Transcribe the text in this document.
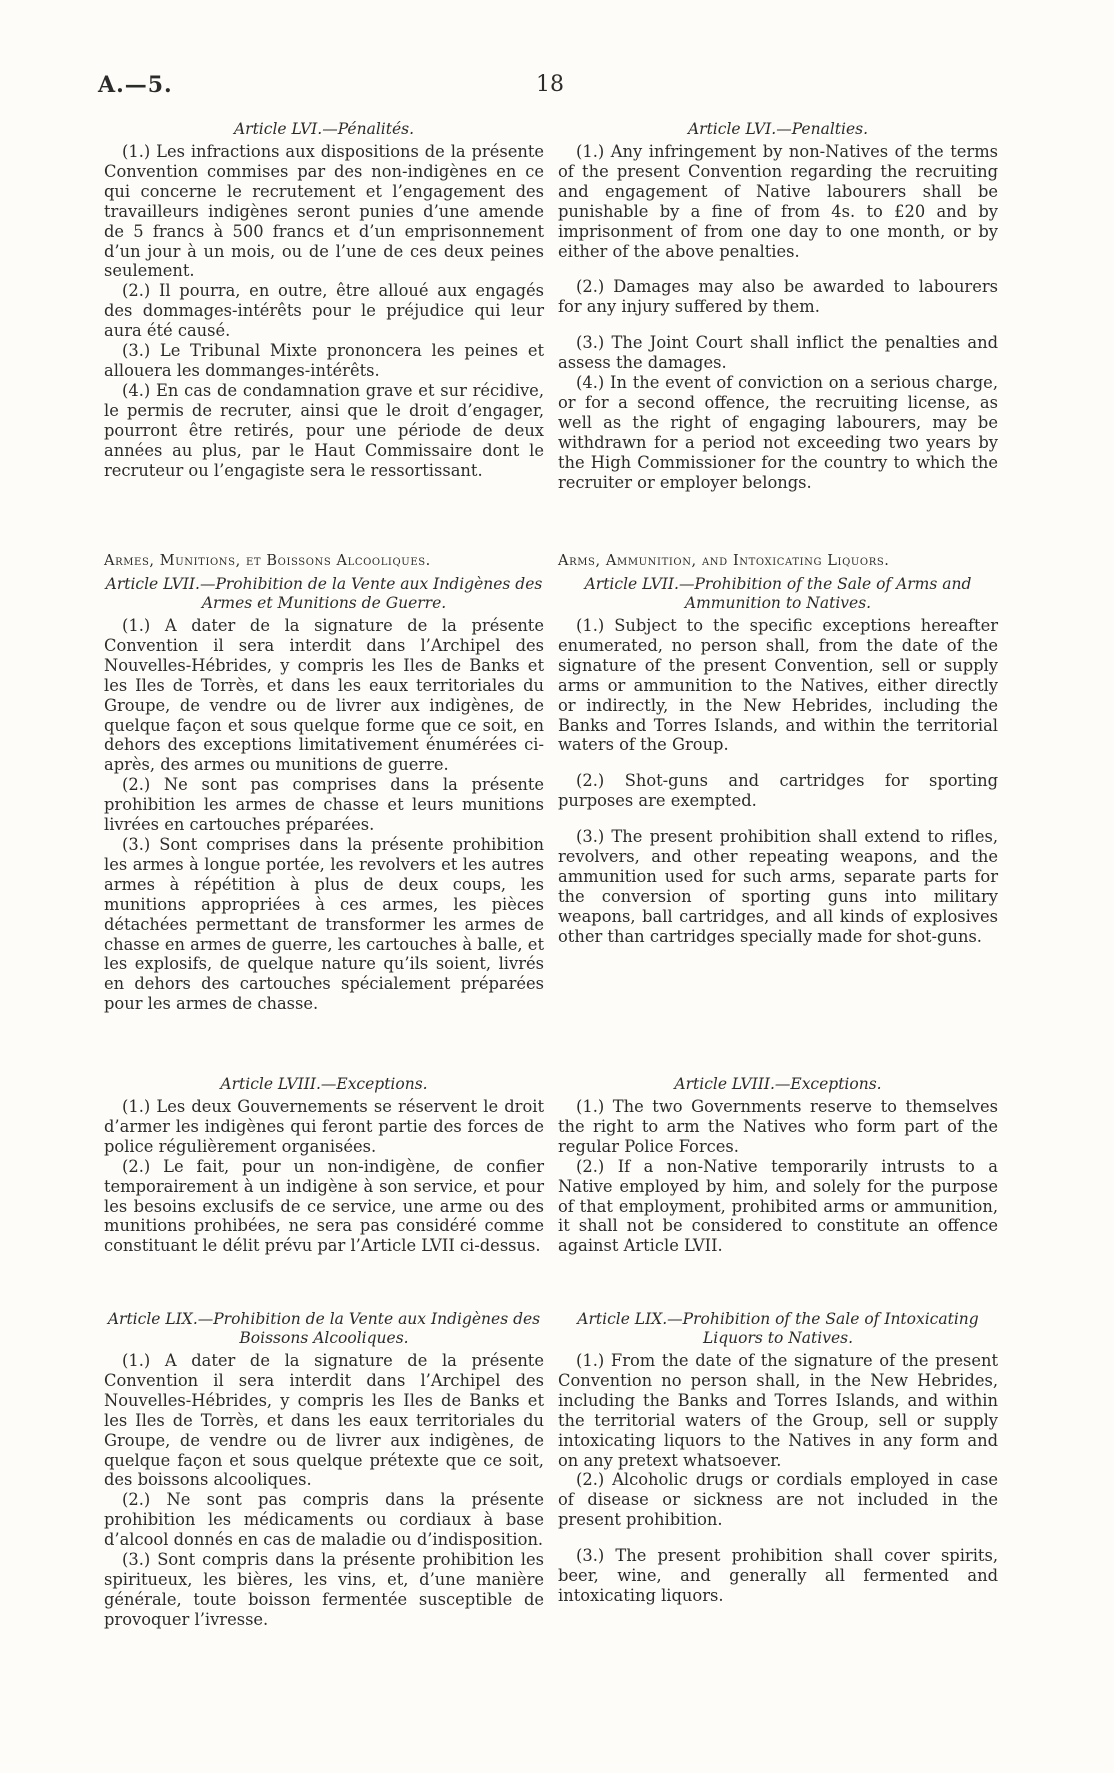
A.—5.	18
Article LVI.—Pénalités.

(1.) Les infractions aux dispositions de la présente Convention commises par des non-indigènes en ce qui concerne le recrutement et l’engagement des travailleurs indigènes seront punies d’une amende de 5 francs à 500 francs et d’un emprisonnement d’un jour à un mois, ou de l’une de ces deux peines seulement.

(2.) Il pourra, en outre, être alloué aux engagés des dommages-intérêts pour le préjudice qui leur aura été causé.

(3.) Le Tribunal Mixte prononcera les peines et allouera les dommanges-intérêts.

(4.) En cas de condamnation grave et sur récidive, le permis de recruter, ainsi que le droit d’engager, pourront être retirés, pour une période de deux années au plus, par le Haut Commissaire dont le recruteur ou l’engagiste sera le ressortissant.

Armes, Munitions, et Boissons Alcooliques.
Article LVII.—Prohibition de la Vente aux Indigènes des Armes et Munitions de Guerre.

(1.) A dater de la signature de la présente Convention il sera interdit dans l’Archipel des Nouvelles-Hébrides, y compris les Iles de Banks et les Iles de Torrès, et dans les eaux territoriales du Groupe, de vendre ou de livrer aux indigènes, de quelque façon et sous quelque forme que ce soit, en dehors des exceptions limitativement énumérées ci-après, des armes ou munitions de guerre.

(2.) Ne sont pas comprises dans la présente prohibition les armes de chasse et leurs munitions livrées en cartouches préparées.

(3.) Sont comprises dans la présente prohibition les armes à longue portée, les revolvers et les autres armes à répétition à plus de deux coups, les munitions appropriées à ces armes, les pièces détachées permettant de transformer les armes de chasse en armes de guerre, les cartouches à balle, et les explosifs, de quelque nature qu’ils soient, livrés en dehors des cartouches spécialement préparées pour les armes de chasse.

Article LVIII.—Exceptions.

(1.) Les deux Gouvernements se réservent le droit d’armer les indigènes qui feront partie des forces de police régulièrement organisées.

(2.) Le fait, pour un non-indigène, de confier temporairement à un indigène à son service, et pour les besoins exclusifs de ce service, une arme ou des munitions prohibées, ne sera pas considéré comme constituant le délit prévu par l’Article LVII ci-dessus.

Article LIX.—Prohibition de la Vente aux Indigènes des Boissons Alcooliques.

(1.) A dater de la signature de la présente Convention il sera interdit dans l’Archipel des Nouvelles-Hébrides, y compris les Iles de Banks et les Iles de Torrès, et dans les eaux territoriales du Groupe, de vendre ou de livrer aux indigènes, de quelque façon et sous quelque prétexte que ce soit, des boissons alcooliques.

(2.) Ne sont pas compris dans la présente prohibition les médicaments ou cordiaux à base d’alcool donnés en cas de maladie ou d’indisposition.

(3.) Sont compris dans la présente prohibition les spiritueux, les bières, les vins, et, d’une manière générale, toute boisson fermentée susceptible de provoquer l’ivresse.

Article LVI.—Penalties.

(1.) Any infringement by non-Natives of the terms of the present Convention regarding the recruiting and engagement of Native labourers shall be punishable by a fine of from 4s. to £20 and by imprisonment of from one day to one month, or by either of the above penalties.

(2.) Damages may also be awarded to labourers for any injury suffered by them.

(3.) The Joint Court shall inflict the penalties and assess the damages.

(4.) In the event of conviction on a serious charge, or for a second offence, the recruiting license, as well as the right of engaging labourers, may be withdrawn for a period not exceeding two years by the High Commissioner for the country to which the recruiter or employer belongs.

Arms, Ammunition, and Intoxicating Liquors.
Article LVII.—Prohibition of the Sale of Arms and Ammunition to Natives.

(1.) Subject to the specific exceptions hereafter enumerated, no person shall, from the date of the signature of the present Convention, sell or supply arms or ammunition to the Natives, either directly or indirectly, in the New Hebrides, including the Banks and Torres Islands, and within the territorial waters of the Group.

(2.) Shot-guns and cartridges for sporting purposes are exempted.

(3.) The present prohibition shall extend to rifles, revolvers, and other repeating weapons, and the ammunition used for such arms, separate parts for the conversion of sporting guns into military weapons, ball cartridges, and all kinds of explosives other than cartridges specially made for shot-guns.

Article LVIII.—Exceptions.

(1.) The two Governments reserve to themselves the right to arm the Natives who form part of the regular Police Forces.

(2.) If a non-Native temporarily intrusts to a Native employed by him, and solely for the purpose of that employment, prohibited arms or ammunition, it shall not be considered to constitute an offence against Article LVII.

Article LIX.—Prohibition of the Sale of Intoxicating Liquors to Natives.

(1.) From the date of the signature of the present Convention no person shall, in the New Hebrides, including the Banks and Torres Islands, and within the territorial waters of the Group, sell or supply intoxicating liquors to the Natives in any form and on any pretext whatsoever.

(2.) Alcoholic drugs or cordials employed in case of disease or sickness are not included in the present prohibition.

(3.) The present prohibition shall cover spirits, beer, wine, and generally all fermented and intoxicating liquors.
